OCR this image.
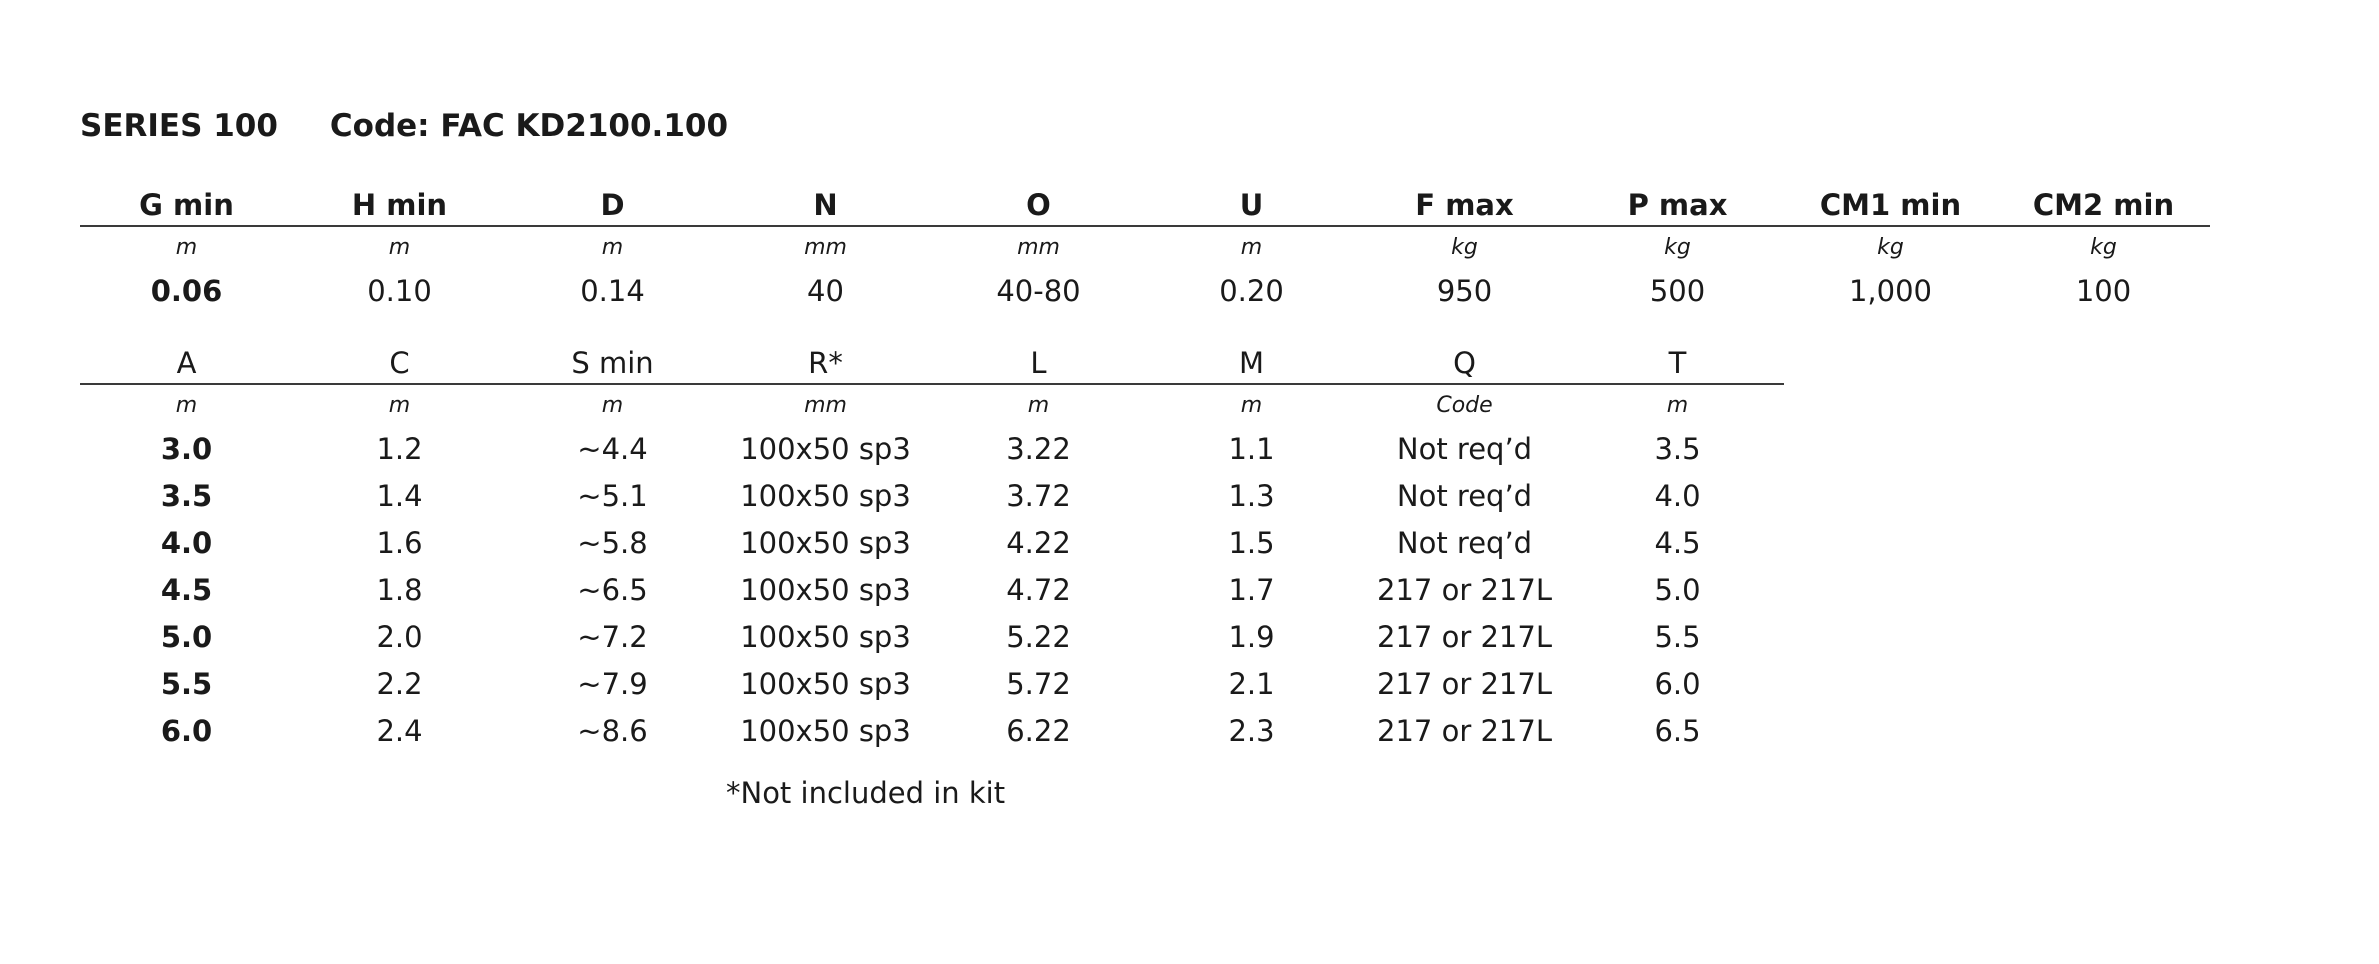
SERIES 100 Code: FAC KD2100.100
G min	H min	D	N	O	U	F max	P max	CM1 min	CM2 min
m	m	m	mm	mm	m	kg	kg	kg	kg
0.06	0.10	0.14	40	40-80	0.20	950	500	1,000	100
A	C	S min	R*	L	M	Q	T
m	m	m	mm	m	m	Code	m
3.0	1.2	~4.4	100x50 sp3	3.22	1.1	Not req’d	3.5
3.5	1.4	~5.1	100x50 sp3	3.72	1.3	Not req’d	4.0
4.0	1.6	~5.8	100x50 sp3	4.22	1.5	Not req’d	4.5
4.5	1.8	~6.5	100x50 sp3	4.72	1.7	217 or 217L	5.0
5.0	2.0	~7.2	100x50 sp3	5.22	1.9	217 or 217L	5.5
5.5	2.2	~7.9	100x50 sp3	5.72	2.1	217 or 217L	6.0
6.0	2.4	~8.6	100x50 sp3	6.22	2.3	217 or 217L	6.5
*Not included in kit
